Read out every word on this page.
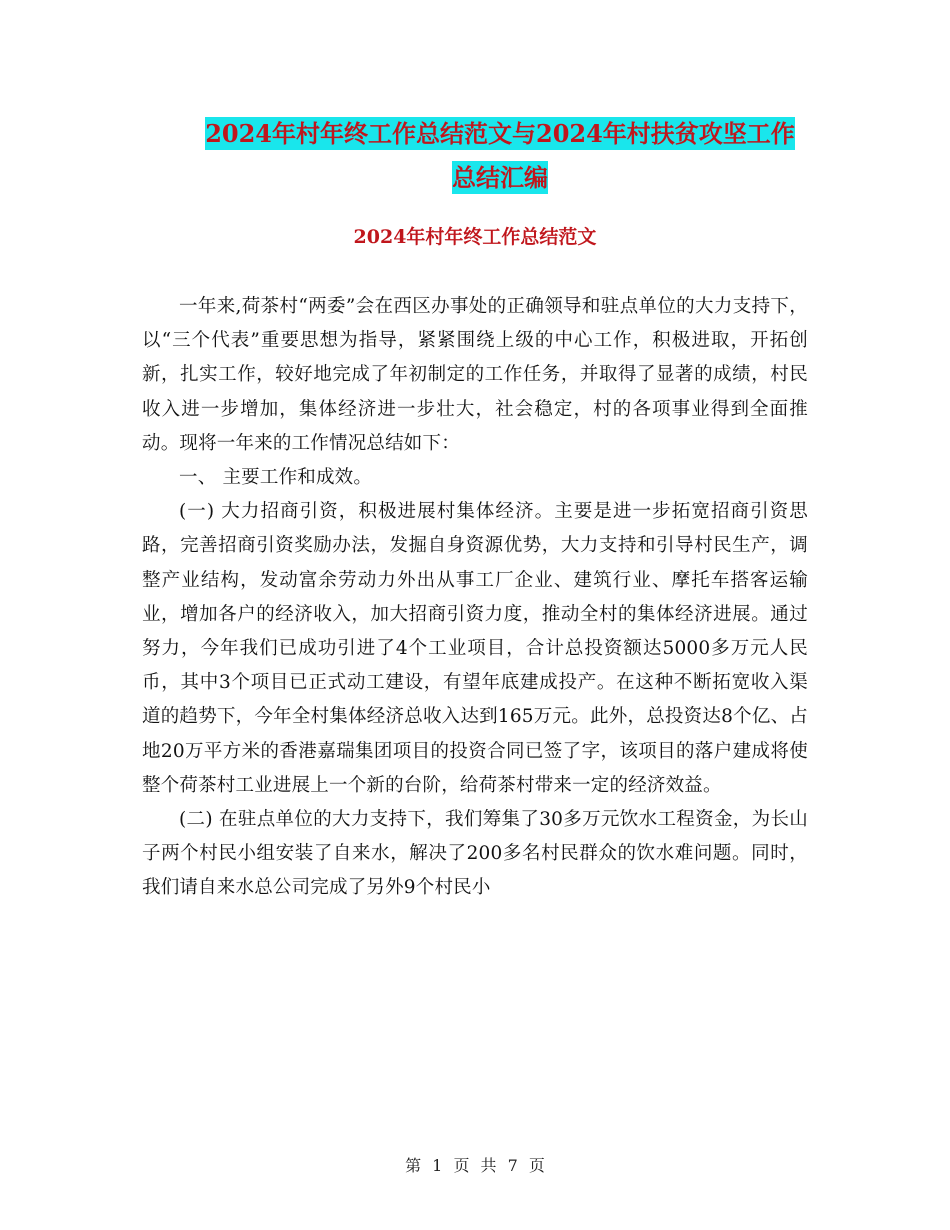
2024年村年终工作总结范文与2024年村扶贫攻坚工作
总结汇编
2024年村年终工作总结范文

一年来,荷茶村“两委”会在西区办事处的正确领导和驻点单位的大力支持下，以“三个代表”重要思想为指导，紧紧围绕上级的中心工作，积极进取，开拓创新，扎实工作，较好地完成了年初制定的工作任务，并取得了显著的成绩，村民收入进一步增加，集体经济进一步壮大，社会稳定，村的各项事业得到全面推动。现将一年来的工作情况总结如下：

一、 主要工作和成效。

(一) 大力招商引资，积极进展村集体经济。主要是进一步拓宽招商引资思路，完善招商引资奖励办法，发掘自身资源优势，大力支持和引导村民生产，调整产业结构，发动富余劳动力外出从事工厂企业、建筑行业、摩托车搭客运输业，增加各户的经济收入，加大招商引资力度，推动全村的集体经济进展。通过努力，今年我们已成功引进了4个工业项目，合计总投资额达5000多万元人民币，其中3个项目已正式动工建设，有望年底建成投产。在这种不断拓宽收入渠道的趋势下，今年全村集体经济总收入达到165万元。此外，总投资达8个亿、占地20万平方米的香港嘉瑞集团项目的投资合同已签了字，该项目的落户建成将使整个荷茶村工业进展上一个新的台阶，给荷茶村带来一定的经济效益。

(二) 在驻点单位的大力支持下，我们筹集了30多万元饮水工程资金，为长山子两个村民小组安装了自来水，解决了200多名村民群众的饮水难问题。同时，我们请自来水总公司完成了另外9个村民小

第 1 页 共 7 页
